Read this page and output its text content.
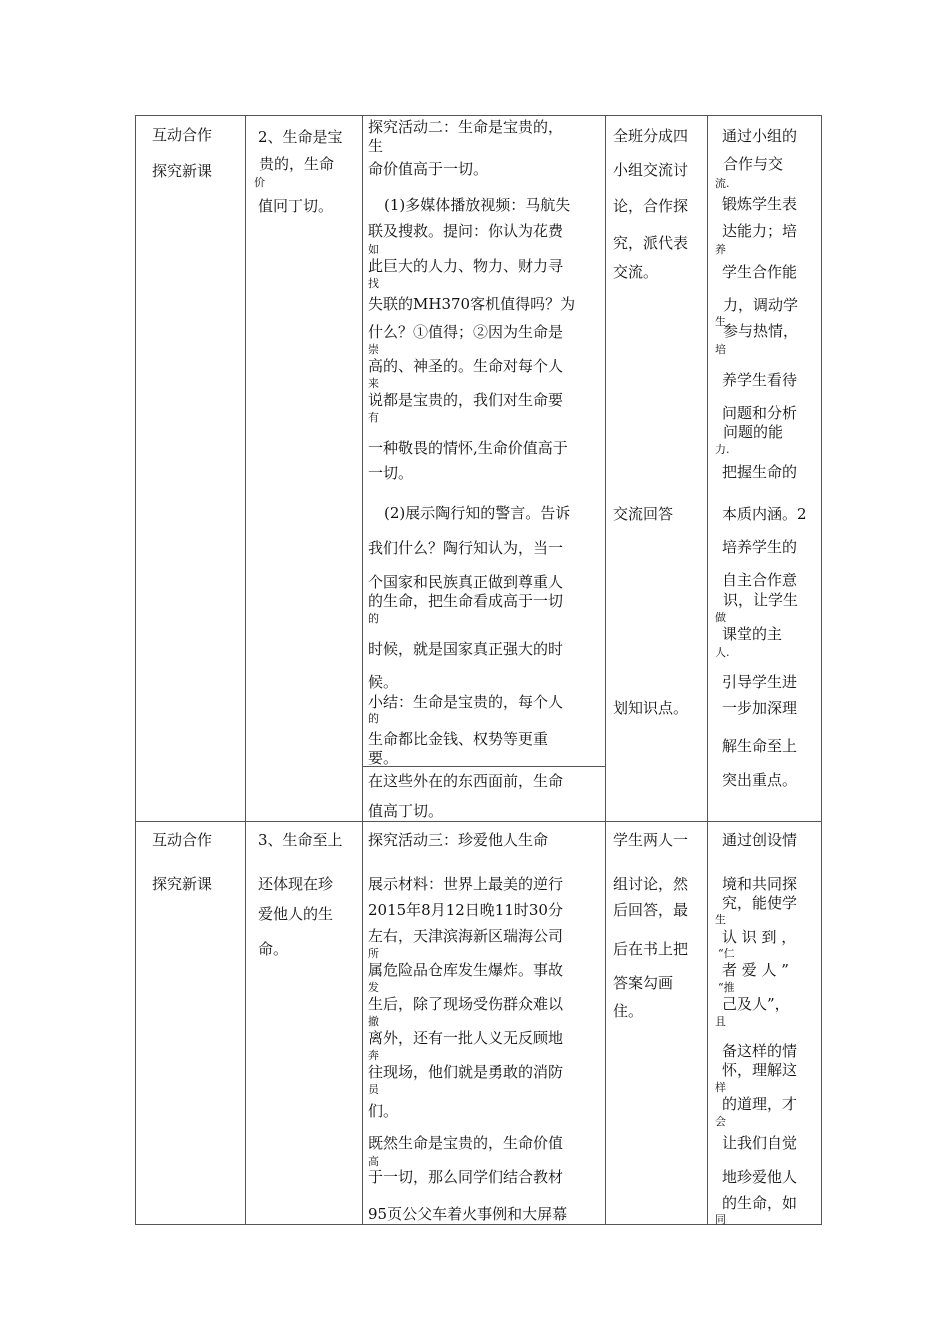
互动合作
探究新课
2、生命是宝
贵的，生命
价
值冋丁切。
探究活动二：生命是宝贵的，
生
命价值高于一切。
(1)多媒体播放视频：马航失
联及搜救。提问：你认为花费
如
此巨大的人力、物力、财力寻
找
失联的MH370客机值得吗？为
什么？①值得；②因为生命是
崇
高的、神圣的。生命对每个人
来
说都是宝贵的，我们对生命要
有
一种敬畏的情怀,生命价值高于
一切。
(2)展示陶行知的警言。告诉
我们什么？陶行知认为，当一
个国家和民族真正做到尊重人
的生命，把生命看成高于一切
的
时候，就是国家真正强大的时
候。
小结：生命是宝贵的，每个人
的
生命都比金钱、权势等更重
要。
在这些外在的东西面前，生命
值高丁切。
全班分成四
小组交流讨
论，合作探
究，派代表
交流。
交流回答
划知识点。
通过小组的
合作与交
流.
锻炼学生表
达能力；培
养
学生合作能
力，调动学
生
参与热情，
培
养学生看待
问题和分析
问题的能
力.
把握生命的
本质内涵。2
培养学生的
自主合作意
识，让学生
做
课堂的主
人.
引导学生进
一步加深理
解生命至上
突出重点。
互动合作
探究新课
3、生命至上
还体现在珍
爱他人的生
命。
探究活动三：珍爱他人生命
展示材料：世界上最美的逆行
2015年8月12日晚11时30分
左右，天津滨海新区瑞海公司
所
属危险品仓库发生爆炸。事故
发
生后，除了现场受伤群众难以
撤
离外，还有一批人义无反顾地
奔
往现场，他们就是勇敢的消防
员
们。
既然生命是宝贵的，生命价值
高
于一切，那么同学们结合教材
95页公父车着火事例和大屏幕
学生两人一
组讨论，然
后回答，最
后在书上把
答案勾画
住。
通过创设情
境和共同探
究，能使学
生
认 识 到 ，
“仁
者 爱 人 ”
“推
己及人”，
且
备这样的情
怀，理解这
样
的道理，才
会
让我们自觉
地珍爱他人
的生命，如
同
